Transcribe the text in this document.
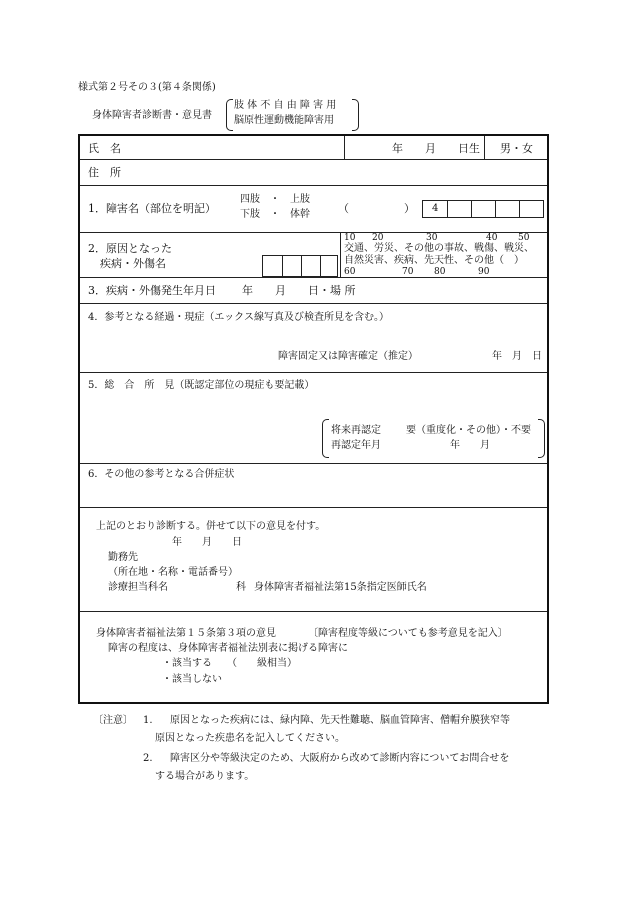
様式第２号その３(第４条関係)
身体障害者診断書・意見書
肢 体 不 自 由 障 害 用
脳原性運動機能障害用
氏　名	年　　月　　日生 男・女
住　所
1．障害名（部位を明記）
四肢　・　上肢
下肢　・　体幹	（　　　　　） 4
2．原因となった
疾病・外傷名
10 20	30	40 50
交通、労災、その他の事故、戦傷、戦災、
自然災害、疾病、先天性、その他（　）
60	70 80	90
3．疾病・外傷発生年月日 年　　月　　日・場 所
4．参考となる経過・現症（エックス線写真及び検査所見を含む。）
障害固定又は障害確定（推定）	年　月　日
5．総　合　所　見（既認定部位の現症も要記載）
将来再認定	要（重度化・その他）・不要
再認定年月	年　　月
6．その他の参考となる合併症状
上記のとおり診断する。併せて以下の意見を付す。
年　　月　　日
勤務先
（所在地・名称・電話番号）
診療担当科名	科 身体障害者福祉法第15条指定医師氏名
身体障害者福祉法第１５条第３項の意見	〔障害程度等級についても参考意見を記入〕
障害の程度は、身体障害者福祉法別表に掲げる障害に
・該当する　　（　　級相当）
・該当しない
〔注意〕 1. 原因となった疾病には、緑内障、先天性難聴、脳血管障害、僧帽弁膜狭窄等
原因となった疾患名を記入してください。
2. 障害区分や等級決定のため、大阪府から改めて診断内容についてお問合せを
する場合があります。
